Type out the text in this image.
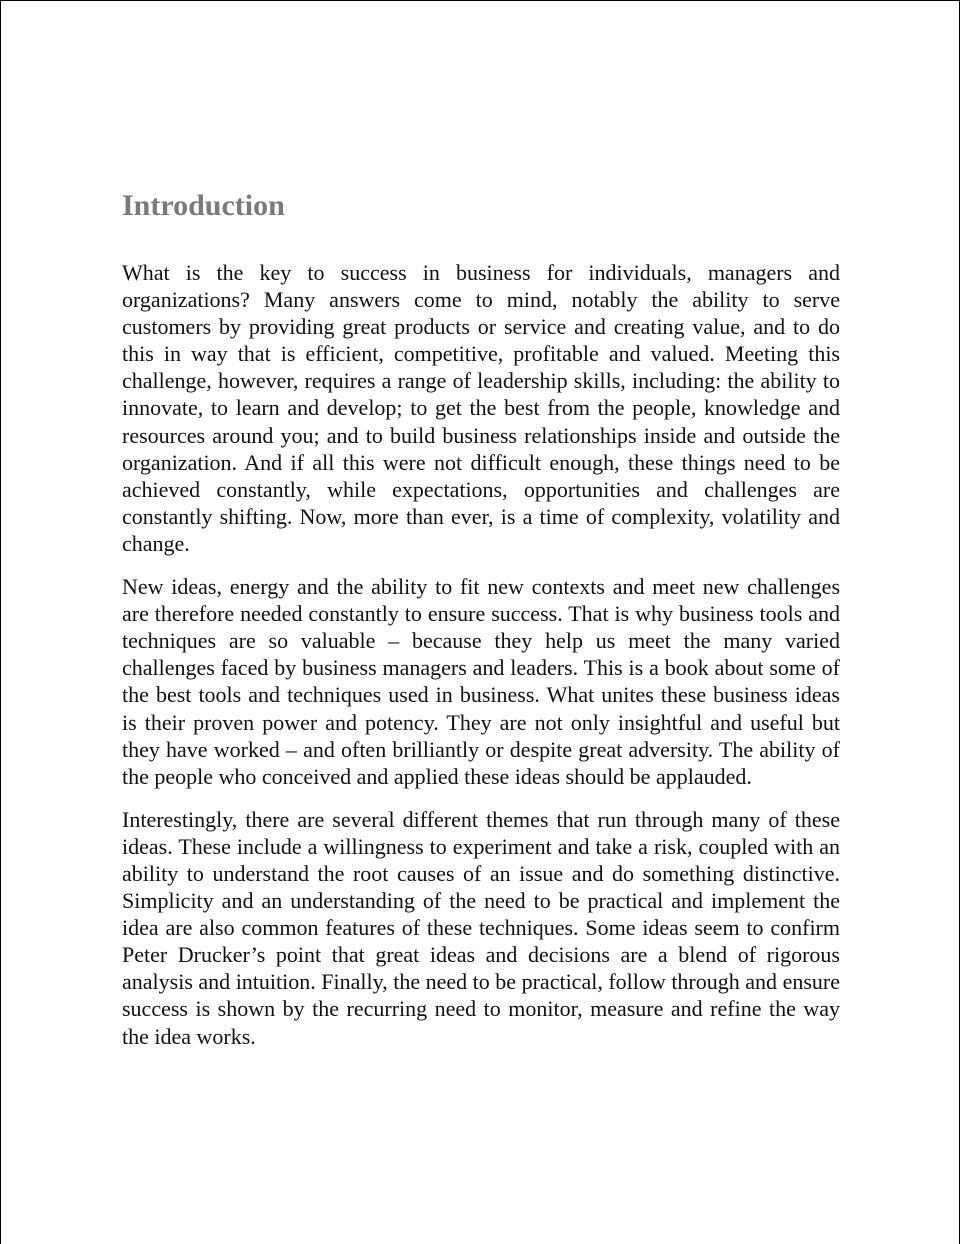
Introduction

What is the key to success in business for individuals, managers and organizations? Many answers come to mind, notably the ability to serve customers by providing great products or service and creating value, and to do this in way that is efficient, competitive, profitable and valued. Meeting this challenge, however, requires a range of leadership skills, including: the ability to innovate, to learn and develop; to get the best from the people, knowledge and resources around you; and to build business relationships inside and outside the organization. And if all this were not difficult enough, these things need to be achieved constantly, while expectations, opportunities and challenges are constantly shifting. Now, more than ever, is a time of complexity, volatility and change.

New ideas, energy and the ability to fit new contexts and meet new challenges are therefore needed constantly to ensure success. That is why business tools and techniques are so valuable – because they help us meet the many varied challenges faced by business managers and leaders. This is a book about some of the best tools and techniques used in business. What unites these business ideas is their proven power and potency. They are not only insightful and useful but they have worked – and often brilliantly or despite great adversity. The ability of the people who conceived and applied these ideas should be applauded.

Interestingly, there are several different themes that run through many of these ideas. These include a willingness to experiment and take a risk, coupled with an ability to understand the root causes of an issue and do something distinctive. Simplicity and an understanding of the need to be practical and implement the idea are also common features of these techniques. Some ideas seem to confirm Peter Drucker’s point that great ideas and decisions are a blend of rigorous analysis and intuition. Finally, the need to be practical, follow through and ensure success is shown by the recurring need to monitor, measure and refine the way the idea works.
